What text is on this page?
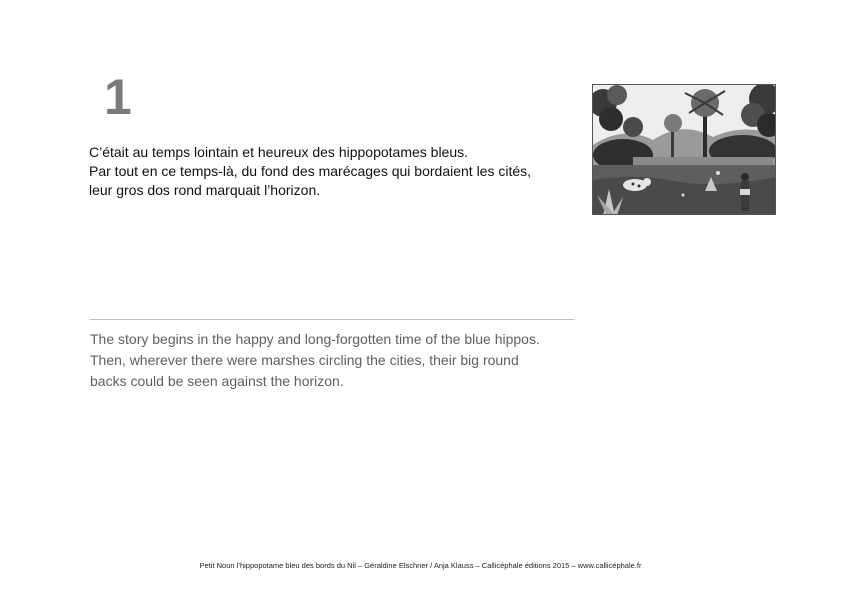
1
C’était au temps lointain et heureux des hippopotames bleus.
Par tout en ce temps-là, du fond des marécages qui bordaient les cités,
leur gros dos rond marquait l’horizon.
The story begins in the happy and long-forgotten time of the blue hippos.
Then, wherever there were marshes circling the cities, their big round
backs could be seen against the horizon.
Petit Noun l’hippopotame bleu des bords du Nil – Géraldine Elschner / Anja Klauss – Callicéphale éditions 2015 – www.callicéphale.fr
